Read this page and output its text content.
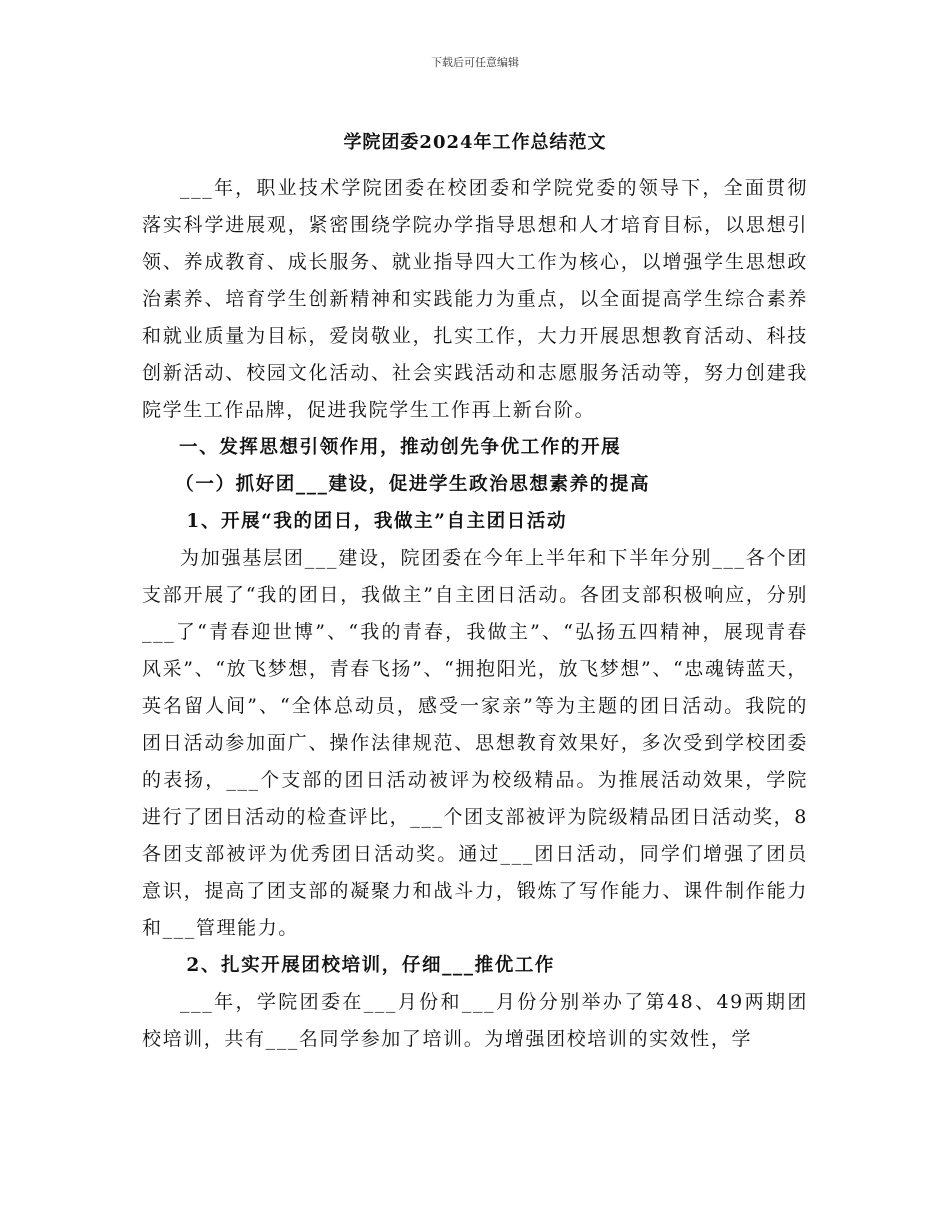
下载后可任意编辑
学院团委2024年工作总结范文

___年，职业技术学院团委在校团委和学院党委的领导下，全面贯彻落实科学进展观，紧密围绕学院办学指导思想和人才培育目标，以思想引领、养成教育、成长服务、就业指导四大工作为核心，以增强学生思想政治素养、培育学生创新精神和实践能力为重点，以全面提高学生综合素养和就业质量为目标，爱岗敬业，扎实工作，大力开展思想教育活动、科技创新活动、校园文化活动、社会实践活动和志愿服务活动等，努力创建我院学生工作品牌，促进我院学生工作再上新台阶。

一、发挥思想引领作用，推动创先争优工作的开展

（一）抓好团___建设，促进学生政治思想素养的提高

1、开展“我的团日，我做主”自主团日活动

为加强基层团___建设，院团委在今年上半年和下半年分别___各个团支部开展了“我的团日，我做主”自主团日活动。各团支部积极响应，分别___了“青春迎世博”、“我的青春，我做主”、“弘扬五四精神，展现青春风采”、“放飞梦想，青春飞扬”、“拥抱阳光，放飞梦想”、“忠魂铸蓝天，英名留人间”、“全体总动员，感受一家亲”等为主题的团日活动。我院的团日活动参加面广、操作法律规范、思想教育效果好，多次受到学校团委的表扬，___个支部的团日活动被评为校级精品。为推展活动效果，学院进行了团日活动的检查评比，___个团支部被评为院级精品团日活动奖，8各团支部被评为优秀团日活动奖。通过___团日活动，同学们增强了团员意识，提高了团支部的凝聚力和战斗力，锻炼了写作能力、课件制作能力和___管理能力。

2、扎实开展团校培训，仔细___推优工作

___年，学院团委在___月份和___月份分别举办了第48、49两期团校培训，共有___名同学参加了培训。为增强团校培训的实效性，学
